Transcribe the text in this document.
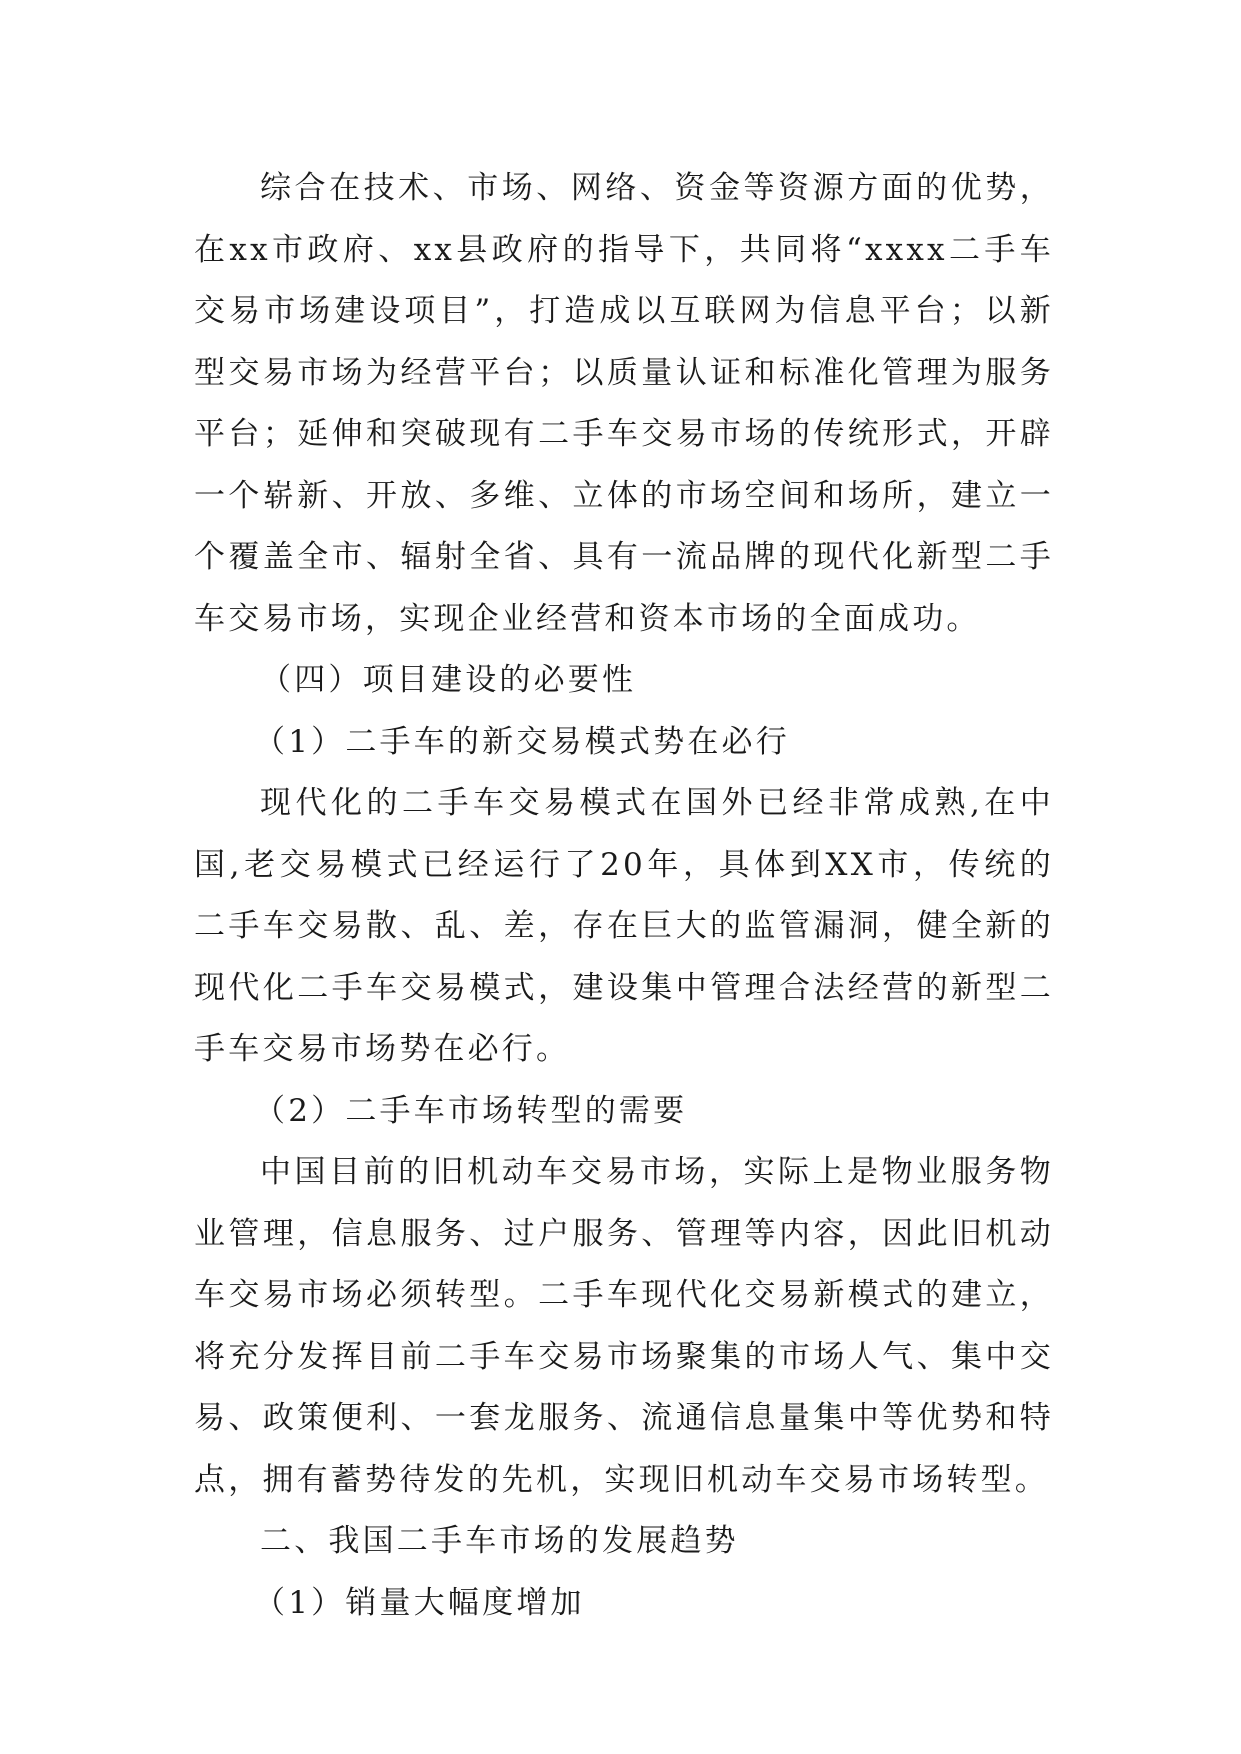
综合在技术、市场、网络、资金等资源方面的优势，在xx市政府、xx县政府的指导下，共同将“xxxx二手车交易市场建设项目”，打造成以互联网为信息平台；以新型交易市场为经营平台；以质量认证和标准化管理为服务平台；延伸和突破现有二手车交易市场的传统形式，开辟一个崭新、开放、多维、立体的市场空间和场所，建立一个覆盖全市、辐射全省、具有一流品牌的现代化新型二手车交易市场，实现企业经营和资本市场的全面成功。

（四）项目建设的必要性

（1）二手车的新交易模式势在必行

现代化的二手车交易模式在国外已经非常成熟,在中国,老交易模式已经运行了20年，具体到XX市，传统的二手车交易散、乱、差，存在巨大的监管漏洞，健全新的现代化二手车交易模式，建设集中管理合法经营的新型二手车交易市场势在必行。

（2）二手车市场转型的需要

中国目前的旧机动车交易市场，实际上是物业服务物业管理，信息服务、过户服务、管理等内容，因此旧机动车交易市场必须转型。二手车现代化交易新模式的建立，将充分发挥目前二手车交易市场聚集的市场人气、集中交易、政策便利、一套龙服务、流通信息量集中等优势和特点，拥有蓄势待发的先机，实现旧机动车交易市场转型。

二、我国二手车市场的发展趋势

（1）销量大幅度增加
